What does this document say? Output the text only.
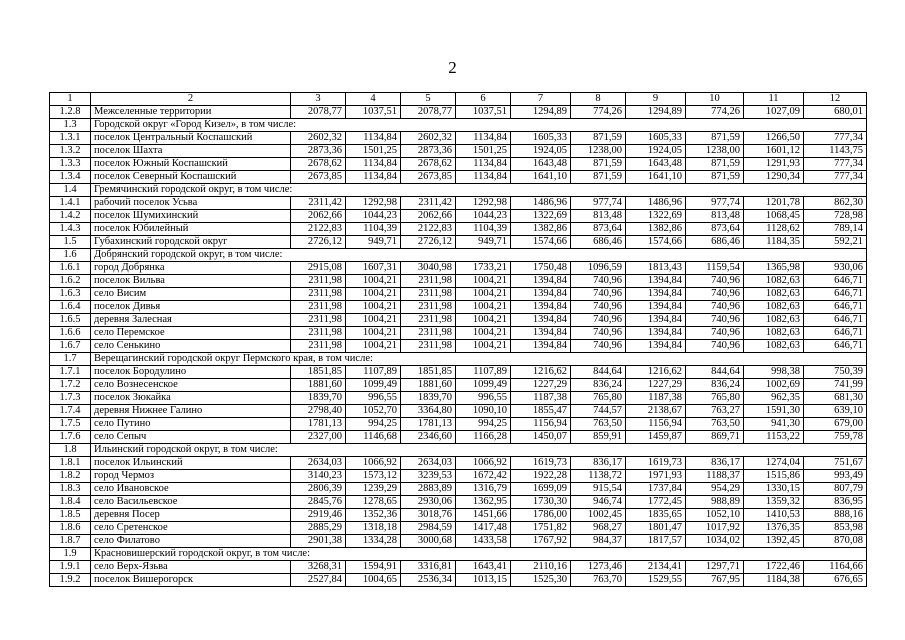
2
1	2	3	4	5	6	7	8	9	10	11	12
1.2.8	Межселенные территории	2078,77	1037,51	2078,77	1037,51	1294,89	774,26	1294,89	774,26	1027,09	680,01
1.3	Городской округ «Город Кизел», в том числе:										
1.3.1	поселок Центральный Коспашский	2602,32	1134,84	2602,32	1134,84	1605,33	871,59	1605,33	871,59	1266,50	777,34
1.3.2	поселок Шахта	2873,36	1501,25	2873,36	1501,25	1924,05	1238,00	1924,05	1238,00	1601,12	1143,75
1.3.3	поселок Южный Коспашский	2678,62	1134,84	2678,62	1134,84	1643,48	871,59	1643,48	871,59	1291,93	777,34
1.3.4	поселок Северный Коспашский	2673,85	1134,84	2673,85	1134,84	1641,10	871,59	1641,10	871,59	1290,34	777,34
1.4	Гремячинский городской округ, в том числе:										
1.4.1	рабочий поселок Усьва	2311,42	1292,98	2311,42	1292,98	1486,96	977,74	1486,96	977,74	1201,78	862,30
1.4.2	поселок Шумихинский	2062,66	1044,23	2062,66	1044,23	1322,69	813,48	1322,69	813,48	1068,45	728,98
1.4.3	поселок Юбилейный	2122,83	1104,39	2122,83	1104,39	1382,86	873,64	1382,86	873,64	1128,62	789,14
1.5	Губахинский городской округ	2726,12	949,71	2726,12	949,71	1574,66	686,46	1574,66	686,46	1184,35	592,21
1.6	Добрянский городской округ, в том числе:										
1.6.1	город Добрянка	2915,08	1607,31	3040,98	1733,21	1750,48	1096,59	1813,43	1159,54	1365,98	930,06
1.6.2	поселок Вильва	2311,98	1004,21	2311,98	1004,21	1394,84	740,96	1394,84	740,96	1082,63	646,71
1.6.3	село Висим	2311,98	1004,21	2311,98	1004,21	1394,84	740,96	1394,84	740,96	1082,63	646,71
1.6.4	поселок Дивья	2311,98	1004,21	2311,98	1004,21	1394,84	740,96	1394,84	740,96	1082,63	646,71
1.6.5	деревня Залесная	2311,98	1004,21	2311,98	1004,21	1394,84	740,96	1394,84	740,96	1082,63	646,71
1.6.6	село Перемское	2311,98	1004,21	2311,98	1004,21	1394,84	740,96	1394,84	740,96	1082,63	646,71
1.6.7	село Сенькино	2311,98	1004,21	2311,98	1004,21	1394,84	740,96	1394,84	740,96	1082,63	646,71
1.7	Верещагинский городской округ Пермского края, в том числе:										
1.7.1	поселок Бородулино	1851,85	1107,89	1851,85	1107,89	1216,62	844,64	1216,62	844,64	998,38	750,39
1.7.2	село Вознесенское	1881,60	1099,49	1881,60	1099,49	1227,29	836,24	1227,29	836,24	1002,69	741,99
1.7.3	поселок Зюкайка	1839,70	996,55	1839,70	996,55	1187,38	765,80	1187,38	765,80	962,35	681,30
1.7.4	деревня Нижнее Галино	2798,40	1052,70	3364,80	1090,10	1855,47	744,57	2138,67	763,27	1591,30	639,10
1.7.5	село Путино	1781,13	994,25	1781,13	994,25	1156,94	763,50	1156,94	763,50	941,30	679,00
1.7.6	село Сепыч	2327,00	1146,68	2346,60	1166,28	1450,07	859,91	1459,87	869,71	1153,22	759,78
1.8	Ильинский городской округ, в том числе:										
1.8.1	поселок Ильинский	2634,03	1066,92	2634,03	1066,92	1619,73	836,17	1619,73	836,17	1274,04	751,67
1.8.2	город Чермоз	3140,23	1573,12	3239,53	1672,42	1922,28	1138,72	1971,93	1188,37	1515,86	993,49
1.8.3	село Ивановское	2806,39	1239,29	2883,89	1316,79	1699,09	915,54	1737,84	954,29	1330,15	807,79
1.8.4	село Васильевское	2845,76	1278,65	2930,06	1362,95	1730,30	946,74	1772,45	988,89	1359,32	836,95
1.8.5	деревня Посер	2919,46	1352,36	3018,76	1451,66	1786,00	1002,45	1835,65	1052,10	1410,53	888,16
1.8.6	село Сретенское	2885,29	1318,18	2984,59	1417,48	1751,82	968,27	1801,47	1017,92	1376,35	853,98
1.8.7	село Филатово	2901,38	1334,28	3000,68	1433,58	1767,92	984,37	1817,57	1034,02	1392,45	870,08
1.9	Красновишерский городской округ, в том числе:										
1.9.1	село Верх-Язьва	3268,31	1594,91	3316,81	1643,41	2110,16	1273,46	2134,41	1297,71	1722,46	1164,66
1.9.2	поселок Вишерогорск	2527,84	1004,65	2536,34	1013,15	1525,30	763,70	1529,55	767,95	1184,38	676,65
